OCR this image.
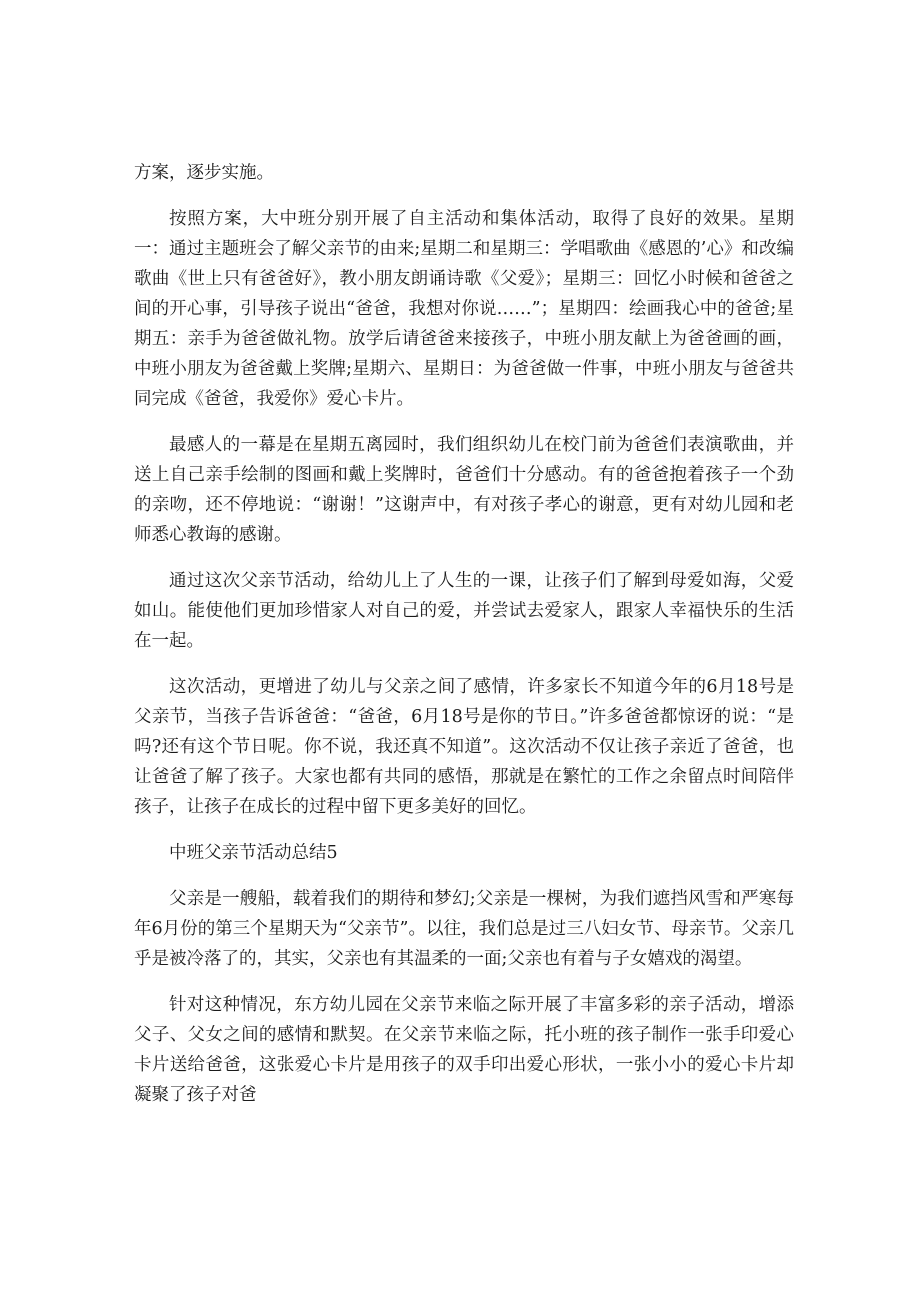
方案，逐步实施。

按照方案，大中班分别开展了自主活动和集体活动，取得了良好的效果。星期一：通过主题班会了解父亲节的由来;星期二和星期三：学唱歌曲《感恩的’心》和改编歌曲《世上只有爸爸好》，教小朋友朗诵诗歌《父爱》；星期三：回忆小时候和爸爸之间的开心事，引导孩子说出“爸爸，我想对你说……”；星期四：绘画我心中的爸爸;星期五：亲手为爸爸做礼物。放学后请爸爸来接孩子，中班小朋友献上为爸爸画的画，中班小朋友为爸爸戴上奖牌;星期六、星期日：为爸爸做一件事，中班小朋友与爸爸共同完成《爸爸，我爱你》爱心卡片。

最感人的一幕是在星期五离园时，我们组织幼儿在校门前为爸爸们表演歌曲，并送上自己亲手绘制的图画和戴上奖牌时，爸爸们十分感动。有的爸爸抱着孩子一个劲的亲吻，还不停地说：“谢谢！”这谢声中，有对孩子孝心的谢意，更有对幼儿园和老师悉心教诲的感谢。

通过这次父亲节活动，给幼儿上了人生的一课，让孩子们了解到母爱如海，父爱如山。能使他们更加珍惜家人对自己的爱，并尝试去爱家人，跟家人幸福快乐的生活在一起。

这次活动，更增进了幼儿与父亲之间了感情，许多家长不知道今年的6月18号是父亲节，当孩子告诉爸爸：“爸爸，6月18号是你的节日。”许多爸爸都惊讶的说：“是吗?还有这个节日呢。你不说，我还真不知道”。这次活动不仅让孩子亲近了爸爸，也让爸爸了解了孩子。大家也都有共同的感悟，那就是在繁忙的工作之余留点时间陪伴孩子，让孩子在成长的过程中留下更多美好的回忆。

中班父亲节活动总结5

父亲是一艘船，载着我们的期待和梦幻;父亲是一棵树，为我们遮挡风雪和严寒每年6月份的第三个星期天为“父亲节”。以往，我们总是过三八妇女节、母亲节。父亲几乎是被冷落了的，其实，父亲也有其温柔的一面;父亲也有着与子女嬉戏的渴望。

针对这种情况，东方幼儿园在父亲节来临之际开展了丰富多彩的亲子活动，增添父子、父女之间的感情和默契。在父亲节来临之际，托小班的孩子制作一张手印爱心卡片送给爸爸，这张爱心卡片是用孩子的双手印出爱心形状，一张小小的爱心卡片却凝聚了孩子对爸
